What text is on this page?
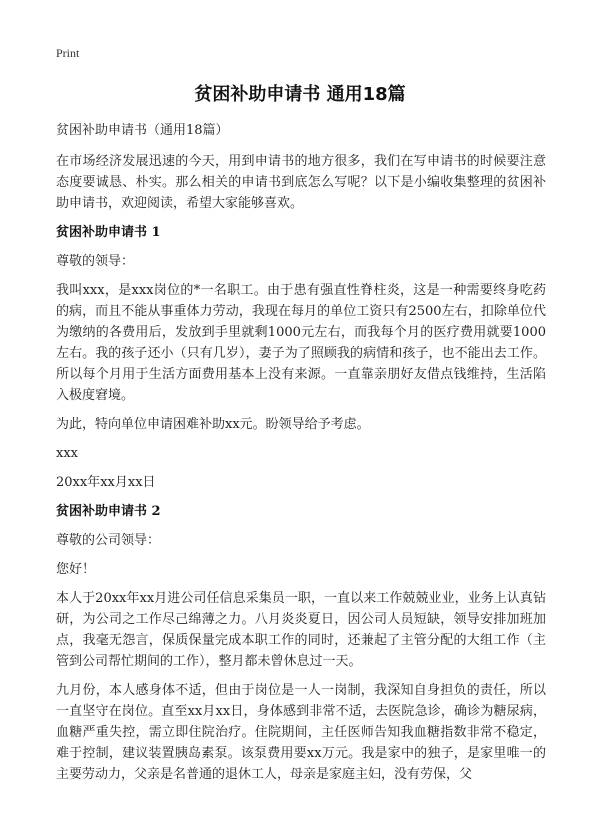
Print
贫困补助申请书 通用18篇

贫困补助申请书（通用18篇）

在市场经济发展迅速的今天，用到申请书的地方很多，我们在写申请书的时候要注意态度要诚恳、朴实。那么相关的申请书到底怎么写呢？以下是小编收集整理的贫困补助申请书，欢迎阅读，希望大家能够喜欢。

贫困补助申请书 1

尊敬的领导：

我叫xxx，是xxx岗位的*一名职工。由于患有强直性脊柱炎，这是一种需要终身吃药的病，而且不能从事重体力劳动，我现在每月的单位工资只有2500左右，扣除单位代为缴纳的各费用后，发放到手里就剩1000元左右，而我每个月的医疗费用就要1000左右。我的孩子还小（只有几岁），妻子为了照顾我的病情和孩子，也不能出去工作。所以每个月用于生活方面费用基本上没有来源。一直靠亲朋好友借点钱维持，生活陷入极度窘境。

为此，特向单位申请困难补助xx元。盼领导给予考虑。

xxx

20xx年xx月xx日

贫困补助申请书 2

尊敬的公司领导：

您好！

本人于20xx年xx月进公司任信息采集员一职，一直以来工作兢兢业业，业务上认真钻研，为公司之工作尽己绵薄之力。八月炎炎夏日，因公司人员短缺，领导安排加班加点，我毫无怨言，保质保量完成本职工作的同时，还兼起了主管分配的大组工作（主管到公司帮忙期间的工作），整月都未曾休息过一天。

九月份，本人感身体不适，但由于岗位是一人一岗制，我深知自身担负的责任，所以一直坚守在岗位。直至xx月xx日，身体感到非常不适，去医院急诊，确诊为糖尿病，血糖严重失控，需立即住院治疗。住院期间，主任医师告知我血糖指数非常不稳定，难于控制，建议装置胰岛素泵。该泵费用要xx万元。我是家中的独子，是家里唯一的主要劳动力，父亲是名普通的退休工人，母亲是家庭主妇，没有劳保，父
